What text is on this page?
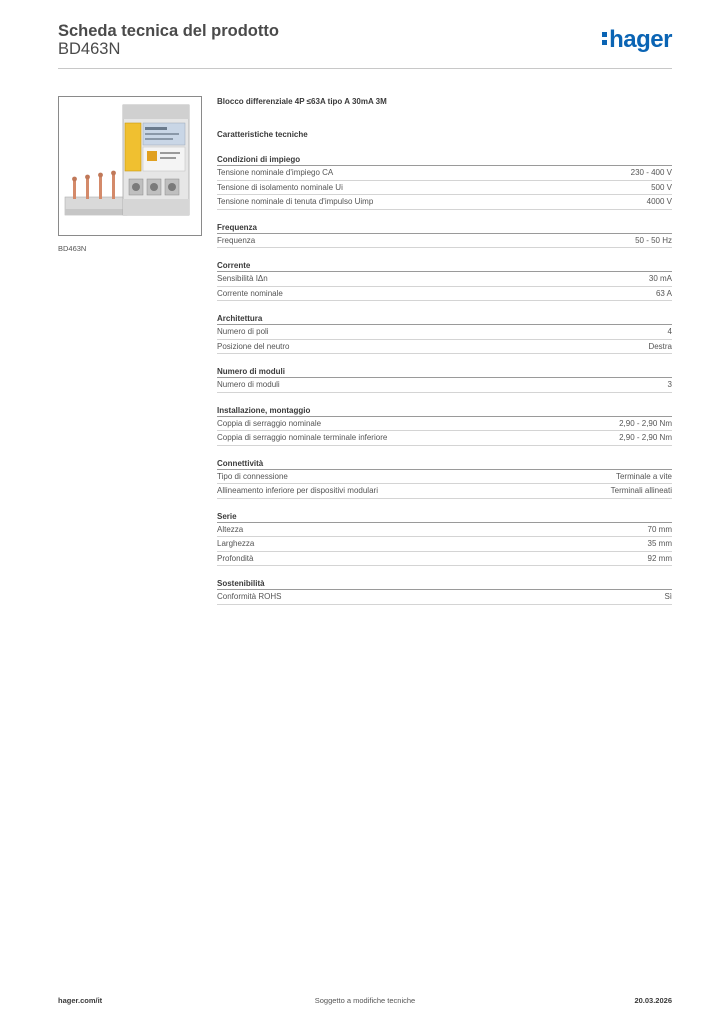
Scheda tecnica del prodotto
BD463N	hager
BD463N
Blocco differenziale 4P ≤63A tipo A 30mA 3M
Caratteristiche tecniche
Condizioni di impiego
Tensione nominale d'impiego CA	230 - 400 V
Tensione di isolamento nominale Ui	500 V
Tensione nominale di tenuta d'impulso Uimp	4000 V
Frequenza
Frequenza	50 - 50 Hz
Corrente
Sensibilità IΔn	30 mA
Corrente nominale	63 A
Architettura
Numero di poli	4
Posizione del neutro	Destra
Numero di moduli
Numero di moduli	3
Installazione, montaggio
Coppia di serraggio nominale	2,90 - 2,90 Nm
Coppia di serraggio nominale terminale inferiore	2,90 - 2,90 Nm
Connettività
Tipo di connessione	Terminale a vite
Allineamento inferiore per dispositivi modulari	Terminali allineati
Serie
Altezza	70 mm
Larghezza	35 mm
Profondità	92 mm
Sostenibilità
Conformità ROHS	Sì
hager.com/it	Soggetto a modifiche tecniche	20.03.2026
